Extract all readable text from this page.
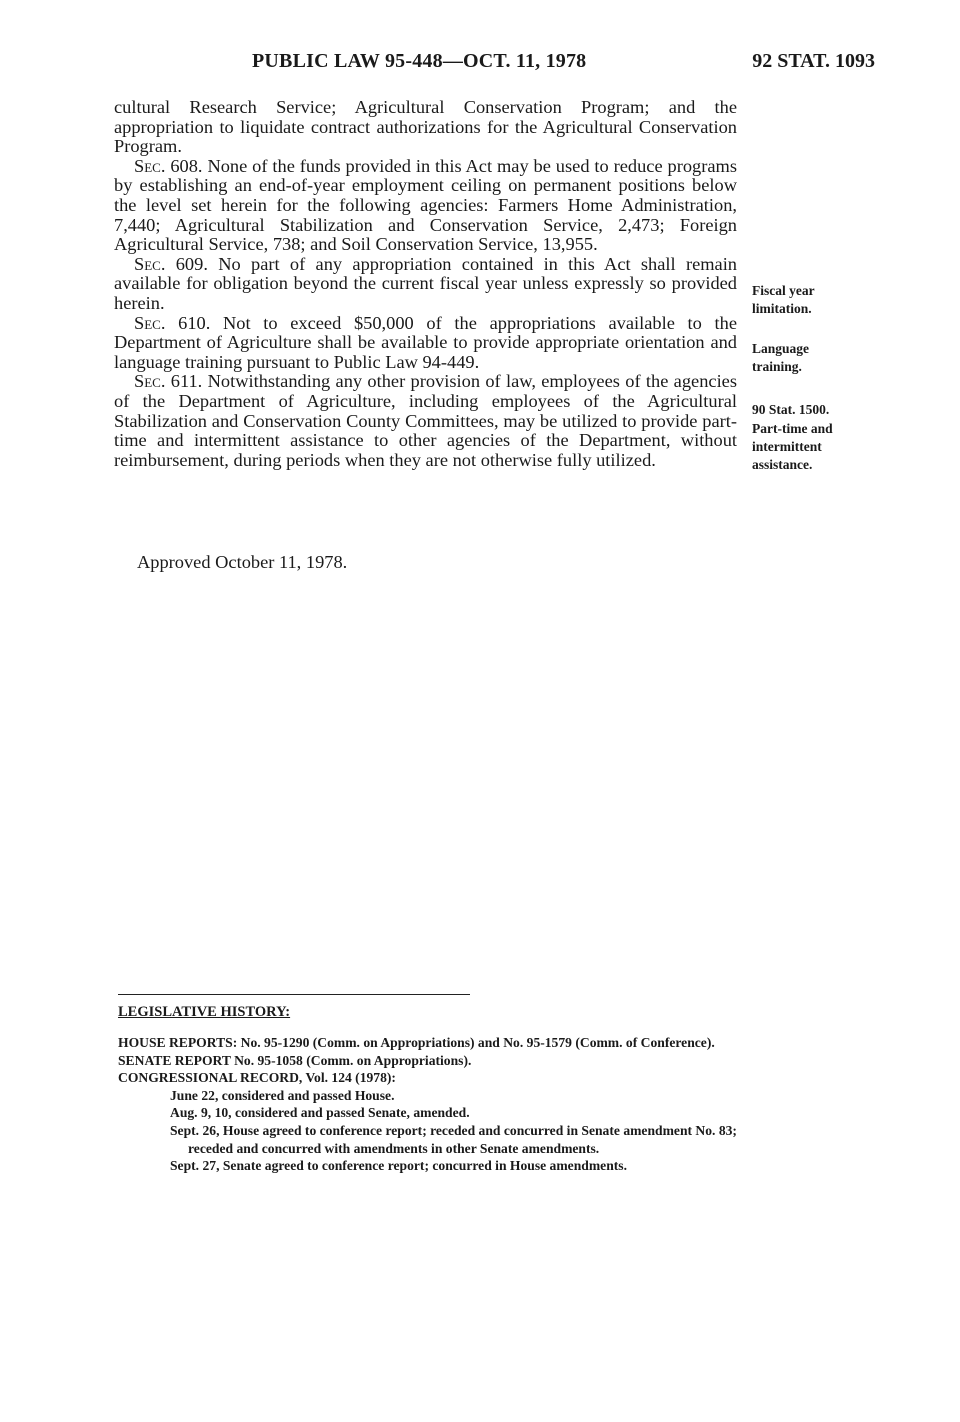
PUBLIC LAW 95-448—OCT. 11, 1978	92 STAT. 1093

cultural Research Service; Agricultural Conservation Program; and the appropriation to liquidate contract authorizations for the Agricultural Conservation Program.

Sec. 608. None of the funds provided in this Act may be used to reduce programs by establishing an end-of-year employment ceiling on permanent positions below the level set herein for the following agencies: Farmers Home Administration, 7,440; Agricultural Stabilization and Conservation Service, 2,473; Foreign Agricultural Service, 738; and Soil Conservation Service, 13,955.

Sec. 609. No part of any appropriation contained in this Act shall remain available for obligation beyond the current fiscal year unless expressly so provided herein.

Sec. 610. Not to exceed $50,000 of the appropriations available to the Department of Agriculture shall be available to provide appropriate orientation and language training pursuant to Public Law 94-449.

Sec. 611. Notwithstanding any other provision of law, employees of the agencies of the Department of Agriculture, including employees of the Agricultural Stabilization and Conservation County Committees, may be utilized to provide part-time and intermittent assistance to other agencies of the Department, without reimbursement, during periods when they are not otherwise fully utilized.

Fiscal year limitation.
Language training.
90 Stat. 1500.
Part-time and intermittent assistance.
Approved October 11, 1978.
LEGISLATIVE HISTORY:

HOUSE REPORTS: No. 95-1290 (Comm. on Appropriations) and No. 95-1579 (Comm. of Conference).

SENATE REPORT No. 95-1058 (Comm. on Appropriations).

CONGRESSIONAL RECORD, Vol. 124 (1978):

June 22, considered and passed House.

Aug. 9, 10, considered and passed Senate, amended.

Sept. 26, House agreed to conference report; receded and concurred in Senate amendment No. 83; receded and concurred with amendments in other Senate amendments.

Sept. 27, Senate agreed to conference report; concurred in House amendments.
